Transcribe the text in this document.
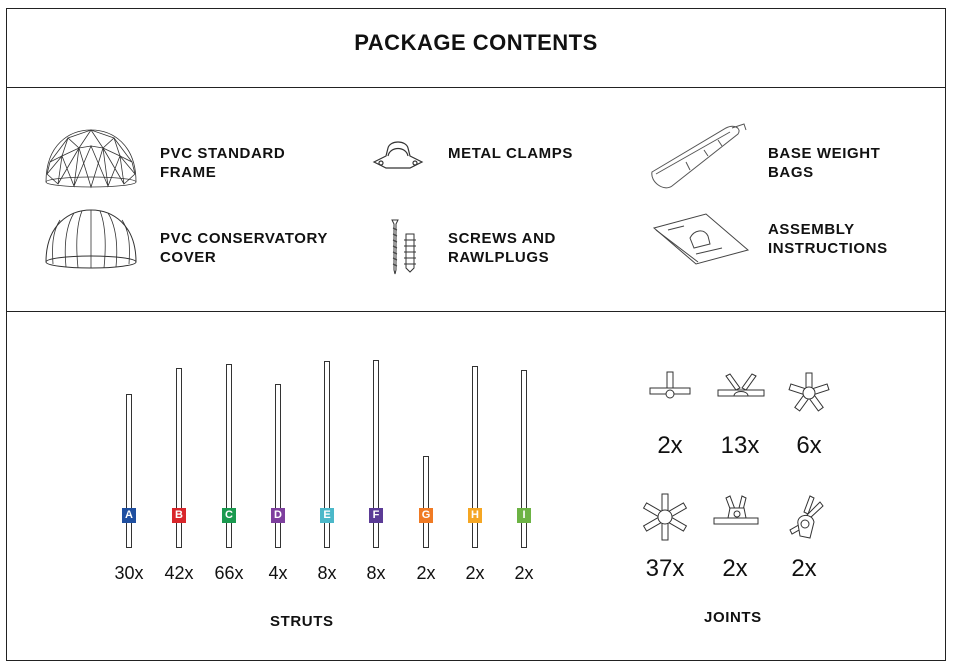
PACKAGE CONTENTS
PVC STANDARD
FRAME
METAL CLAMPS	BASE WEIGHT
BAGS
PVC CONSERVATORY
COVER
SCREWS AND
RAWLPLUGS
ASSEMBLY
INSTRUCTIONS
A
30x
B
42x
C
66x
D
4x
E
8x
F
8x
G
2x
H
2x
I
2x
STRUTS
2x	13x	6x
37x	2x	2x
JOINTS
